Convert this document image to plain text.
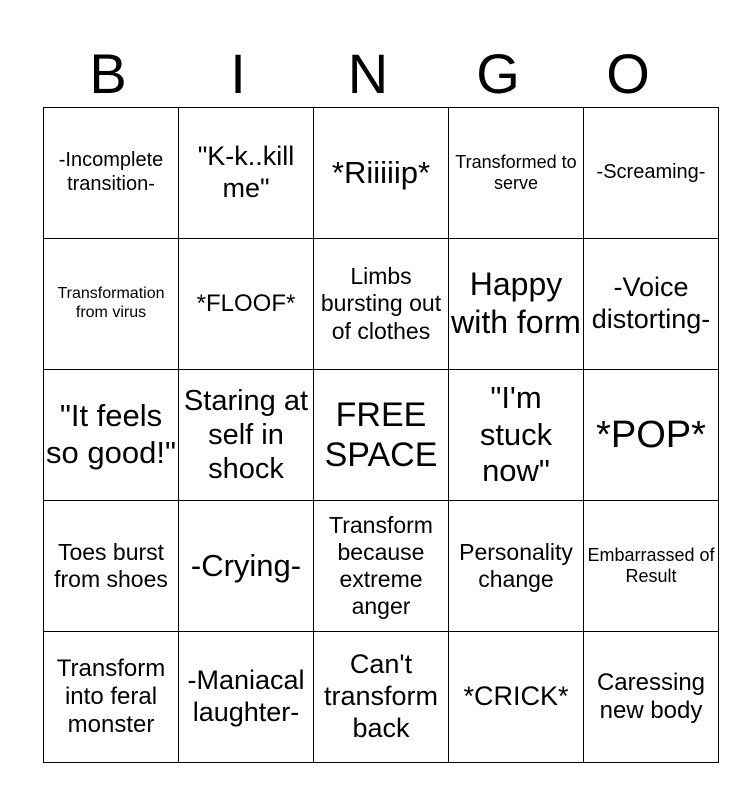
B	I	N	G	O
-Incomplete transition-	"K-k..kill me"	*Riiiiip*	Transformed to serve	-Screaming-
Transformation from virus	*FLOOF*	Limbs bursting out of clothes	Happy with form	-Voice distorting-
"It feels so good!"	Staring at self in shock	FREE SPACE	"I'm stuck now"	*POP*
Toes burst from shoes	-Crying-	Transform because extreme anger	Personality change	Embarrassed of Result
Transform into feral monster	-Maniacal laughter-	Can't transform back	*CRICK*	Caressing new body
